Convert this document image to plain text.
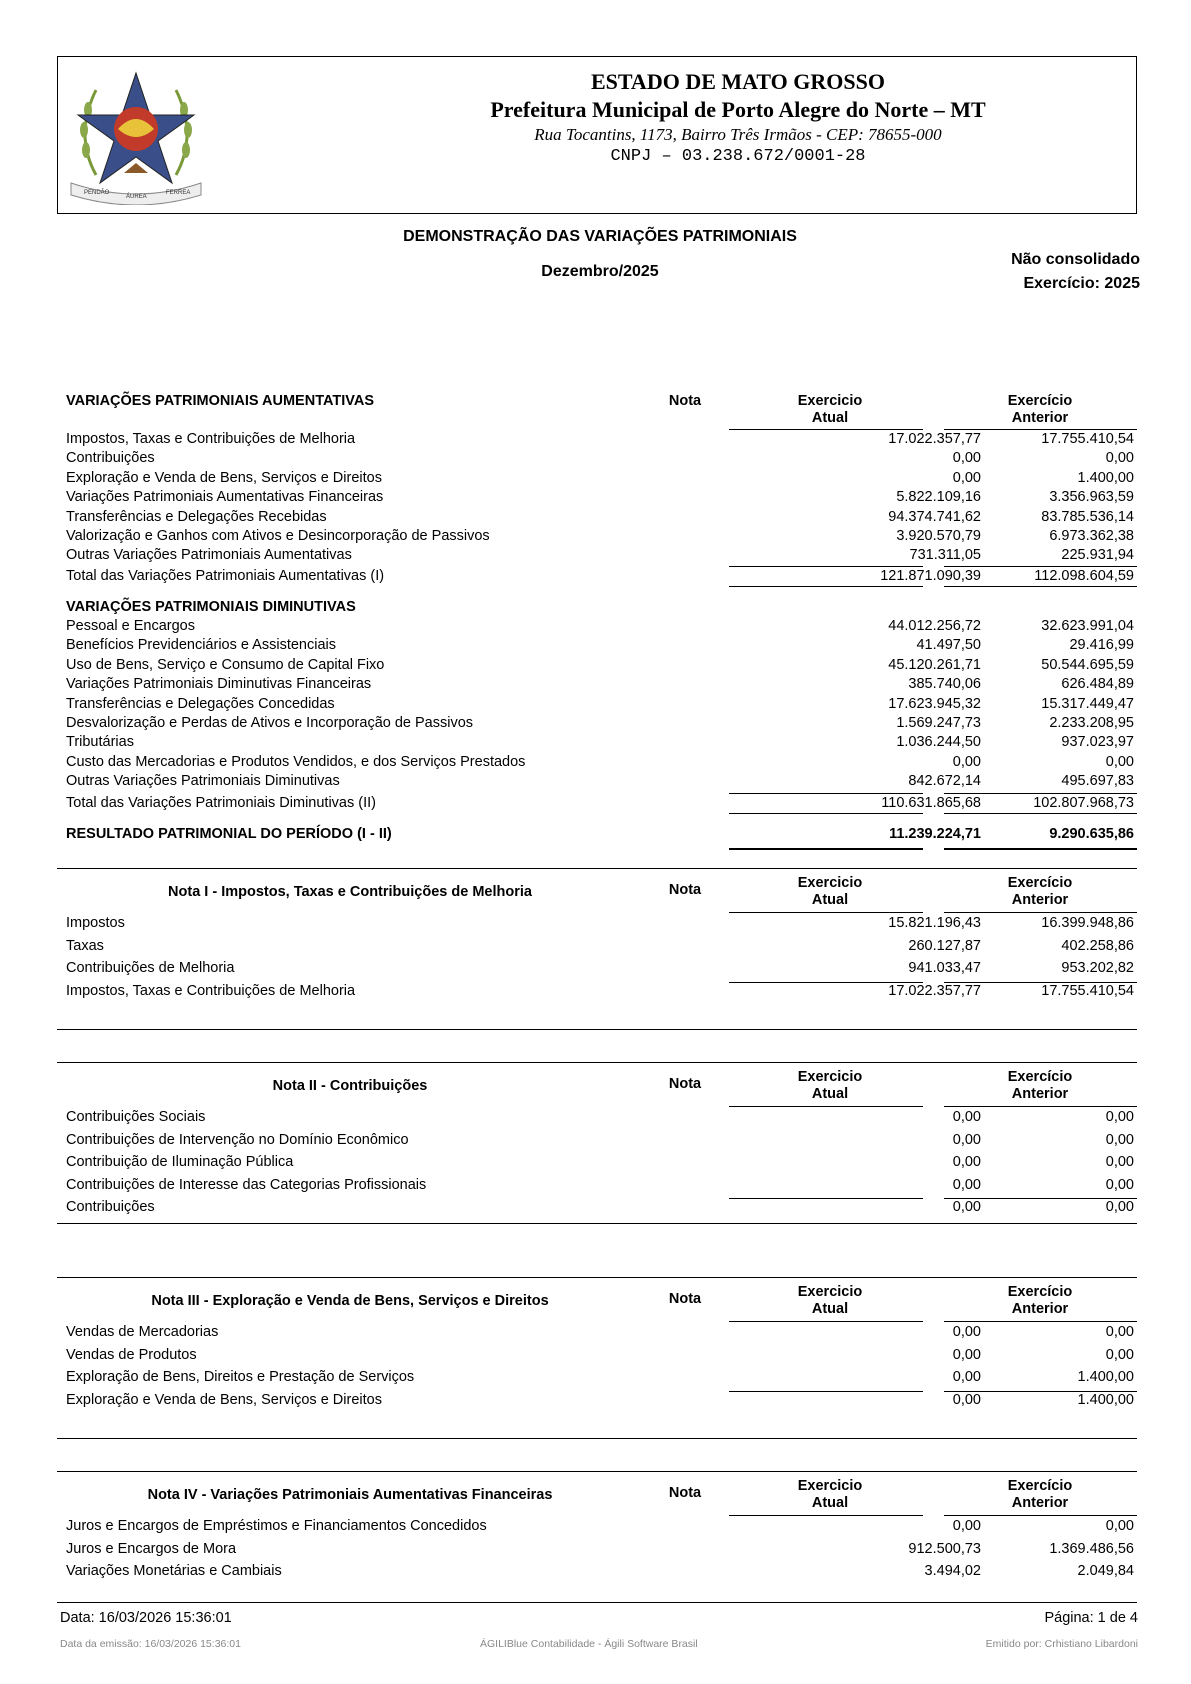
PENDÃO
ÁUREA
FERREA
ESTADO DE MATO GROSSO
Prefeitura Municipal de Porto Alegre do Norte – MT
Rua Tocantins, 1173, Bairro Três Irmãos - CEP: 78655-000
CNPJ – 03.238.672/0001-28
DEMONSTRAÇÃO DAS VARIAÇÕES PATRIMONIAIS
Dezembro/2025
Não consolidado
Exercício: 2025
VARIAÇÕES PATRIMONIAIS AUMENTATIVAS	Nota	Exercicio
Atual
Exercício
Anterior
Impostos, Taxas e Contribuições de Melhoria	17.022.357,77	17.755.410,54
Contribuições	0,00	0,00
Exploração e Venda de Bens, Serviços e Direitos	0,00	1.400,00
Variações Patrimoniais Aumentativas Financeiras	5.822.109,16	3.356.963,59
Transferências e Delegações Recebidas	94.374.741,62	83.785.536,14
Valorização e Ganhos com Ativos e Desincorporação de Passivos	3.920.570,79	6.973.362,38
Outras Variações Patrimoniais Aumentativas	731.311,05	225.931,94
Total das Variações Patrimoniais Aumentativas (I)	121.871.090,39	112.098.604,59
VARIAÇÕES PATRIMONIAIS DIMINUTIVAS
Pessoal e Encargos	44.012.256,72	32.623.991,04
Benefícios Previdenciários e Assistenciais	41.497,50	29.416,99
Uso de Bens, Serviço e Consumo de Capital Fixo	45.120.261,71	50.544.695,59
Variações Patrimoniais Diminutivas Financeiras	385.740,06	626.484,89
Transferências e Delegações Concedidas	17.623.945,32	15.317.449,47
Desvalorização e Perdas de Ativos e Incorporação de Passivos	1.569.247,73	2.233.208,95
Tributárias	1.036.244,50	937.023,97
Custo das Mercadorias e Produtos Vendidos, e dos Serviços Prestados	0,00	0,00
Outras Variações Patrimoniais Diminutivas	842.672,14	495.697,83
Total das Variações Patrimoniais Diminutivas (II)	110.631.865,68	102.807.968,73
RESULTADO PATRIMONIAL DO PERÍODO (I - II)	11.239.224,71	9.290.635,86
Nota I - Impostos, Taxas e Contribuições de Melhoria	Nota	Exercicio
Atual
Exercício
Anterior
Impostos	15.821.196,43	16.399.948,86
Taxas	260.127,87	402.258,86
Contribuições de Melhoria	941.033,47	953.202,82
Impostos, Taxas e Contribuições de Melhoria	17.022.357,77	17.755.410,54
Nota II - Contribuições	Nota	Exercicio
Atual
Exercício
Anterior
Contribuições Sociais	0,00	0,00
Contribuições de Intervenção no Domínio Econômico	0,00	0,00
Contribuição de Iluminação Pública	0,00	0,00
Contribuições de Interesse das Categorias Profissionais	0,00	0,00
Contribuições	0,00	0,00
Nota III - Exploração e Venda de Bens, Serviços e Direitos	Nota	Exercicio
Atual
Exercício
Anterior
Vendas de Mercadorias	0,00	0,00
Vendas de Produtos	0,00	0,00
Exploração de Bens, Direitos e Prestação de Serviços	0,00	1.400,00
Exploração e Venda de Bens, Serviços e Direitos	0,00	1.400,00
Nota IV - Variações Patrimoniais Aumentativas Financeiras	Nota	Exercicio
Atual
Exercício
Anterior
Juros e Encargos de Empréstimos e Financiamentos Concedidos	0,00	0,00
Juros e Encargos de Mora	912.500,73	1.369.486,56
Variações Monetárias e Cambiais	3.494,02	2.049,84
Data: 16/03/2026 15:36:01	Página: 1 de 4
Data da emissão: 16/03/2026 15:36:01	ÁGILIBlue Contabilidade - Ágili Software Brasil	Emitido por: Crhistiano Libardoni
